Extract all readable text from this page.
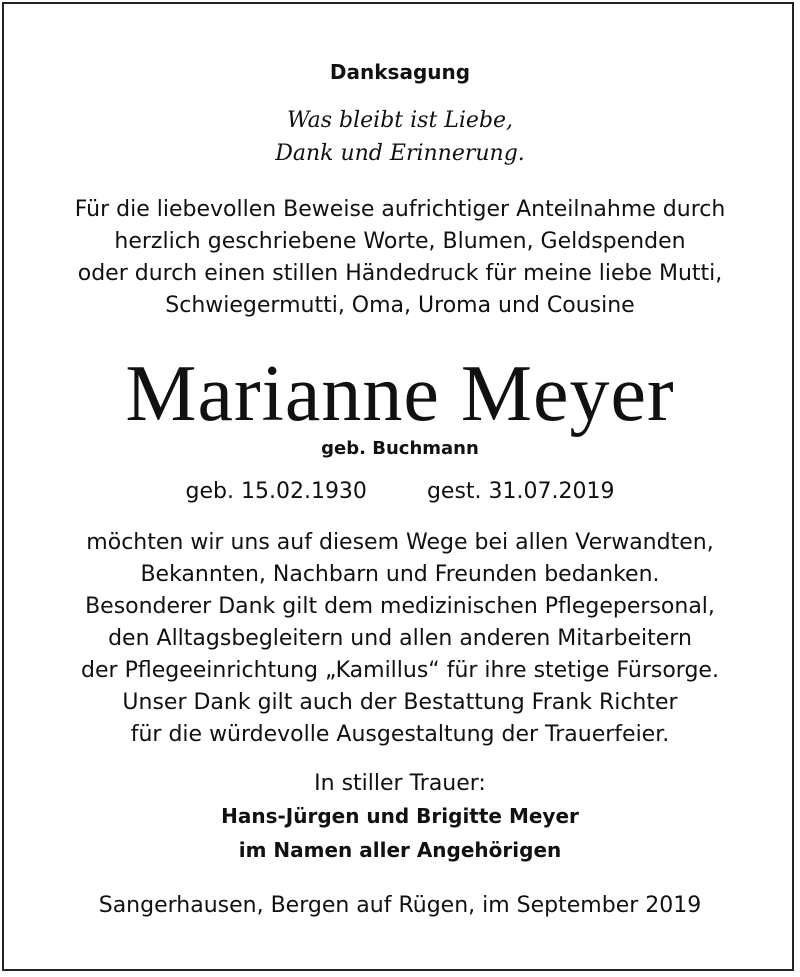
Danksagung
Was bleibt ist Liebe,
Dank und Erinnerung.
Für die liebevollen Beweise aufrichtiger Anteilnahme durch
herzlich geschriebene Worte, Blumen, Geldspenden
oder durch einen stillen Händedruck für meine liebe Mutti,
Schwiegermutti, Oma, Uroma und Cousine
Marianne Meyer
geb. Buchmann
geb. 15.02.1930	gest. 31.07.2019
möchten wir uns auf diesem Wege bei allen Verwandten,
Bekannten, Nachbarn und Freunden bedanken.
Besonderer Dank gilt dem medizinischen Pflegepersonal,
den Alltagsbegleitern und allen anderen Mitarbeitern
der Pflegeeinrichtung „Kamillus“ für ihre stetige Fürsorge.
Unser Dank gilt auch der Bestattung Frank Richter
für die würdevolle Ausgestaltung der Trauerfeier.
In stiller Trauer:
Hans-Jürgen und Brigitte Meyer
im Namen aller Angehörigen
Sangerhausen, Bergen auf Rügen, im September 2019
